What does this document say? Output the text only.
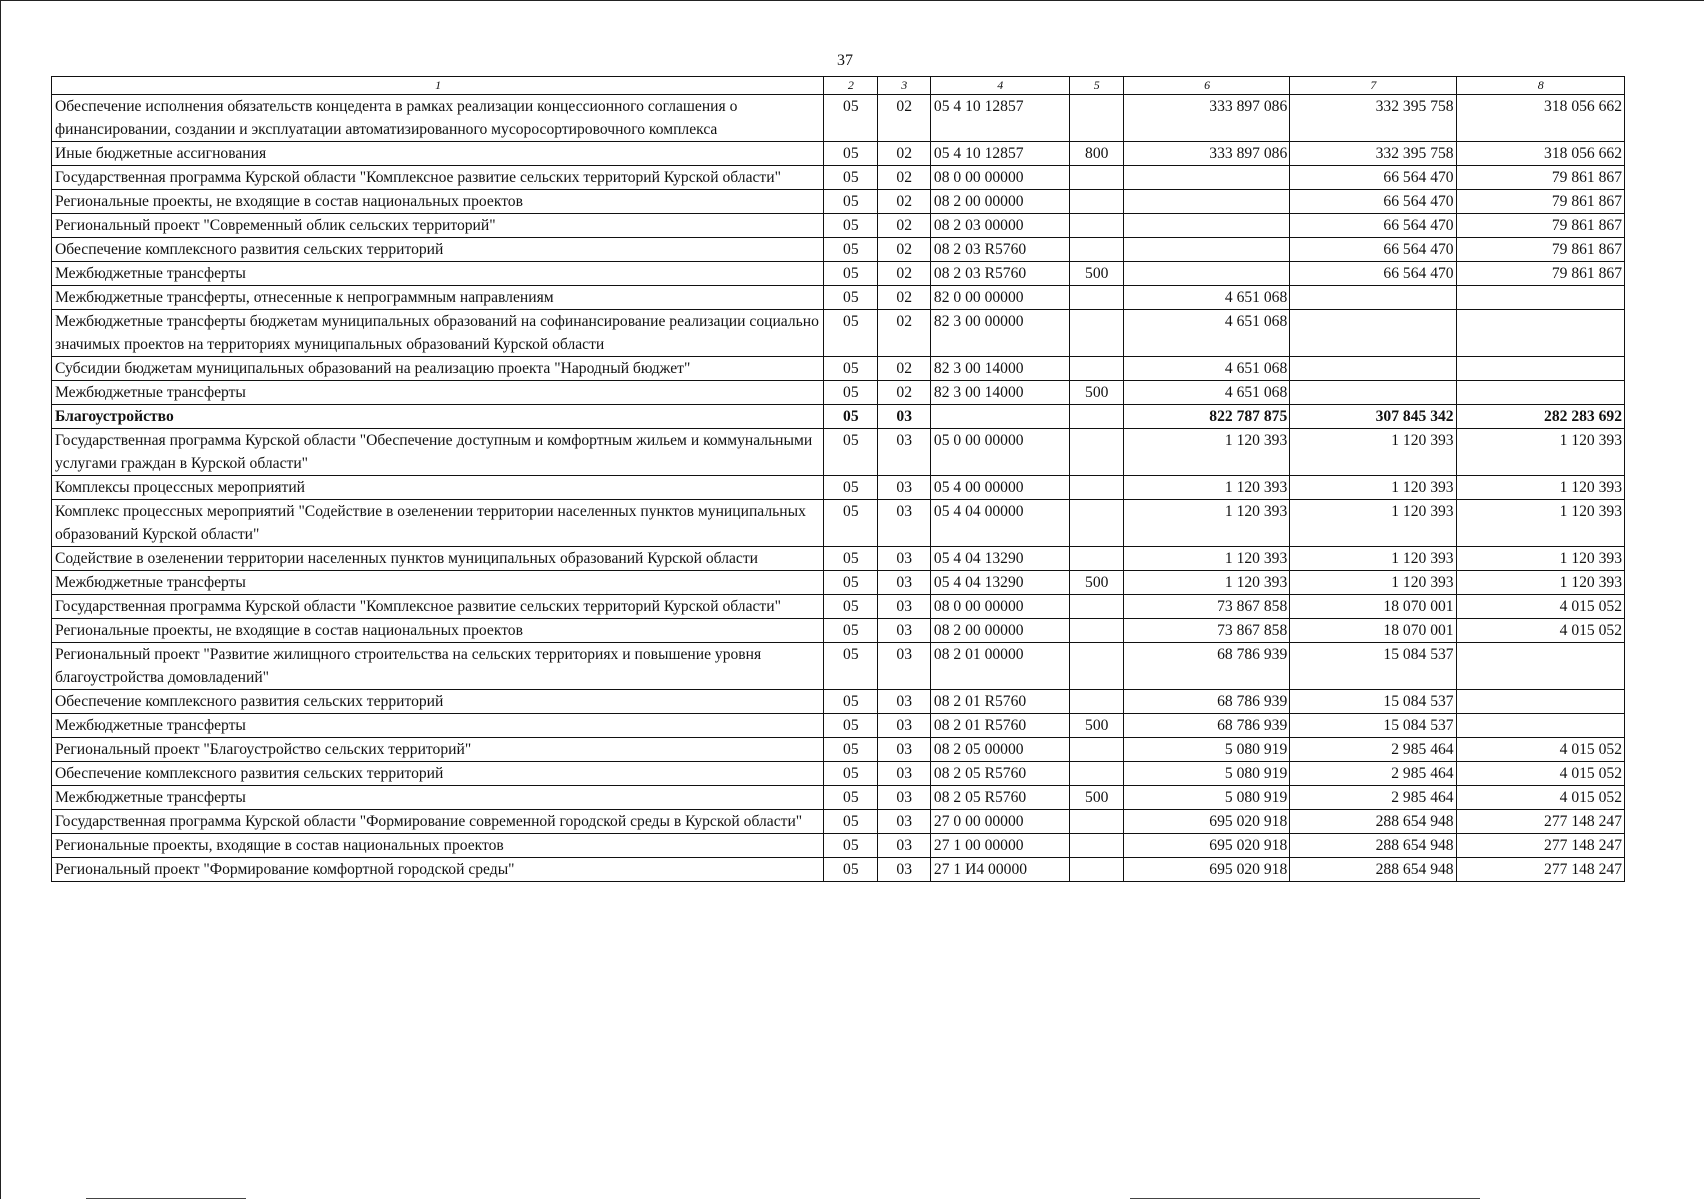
37
1	2	3	4	5	6	7	8
Обеспечение исполнения обязательств концедента в рамках реализации концессионного соглашения о финансировании, создании и эксплуатации автоматизированного мусоросортировочного комплекса	05	02	05 4 10 12857		333 897 086	332 395 758	318 056 662
Иные бюджетные ассигнования	05	02	05 4 10 12857	800	333 897 086	332 395 758	318 056 662
Государственная программа Курской области "Комплексное развитие сельских территорий Курской области"	05	02	08 0 00 00000			66 564 470	79 861 867
Региональные проекты, не входящие в состав национальных проектов	05	02	08 2 00 00000			66 564 470	79 861 867
Региональный проект "Современный облик сельских территорий"	05	02	08 2 03 00000			66 564 470	79 861 867
Обеспечение комплексного развития сельских территорий	05	02	08 2 03 R5760			66 564 470	79 861 867
Межбюджетные трансферты	05	02	08 2 03 R5760	500		66 564 470	79 861 867
Межбюджетные трансферты, отнесенные к непрограммным направлениям	05	02	82 0 00 00000		4 651 068		
Межбюджетные трансферты бюджетам муниципальных образований на софинансирование реализации социально значимых проектов на территориях муниципальных образований Курской области	05	02	82 3 00 00000		4 651 068		
Субсидии бюджетам муниципальных образований на реализацию проекта "Народный бюджет"	05	02	82 3 00 14000		4 651 068		
Межбюджетные трансферты	05	02	82 3 00 14000	500	4 651 068		
Благоустройство	05	03			822 787 875	307 845 342	282 283 692
Государственная программа Курской области "Обеспечение доступным и комфортным жильем и коммунальными услугами граждан в Курской области"	05	03	05 0 00 00000		1 120 393	1 120 393	1 120 393
Комплексы процессных мероприятий	05	03	05 4 00 00000		1 120 393	1 120 393	1 120 393
Комплекс процессных мероприятий "Содействие в озеленении территории населенных пунктов муниципальных образований Курской области"	05	03	05 4 04 00000		1 120 393	1 120 393	1 120 393
Содействие в озеленении территории населенных пунктов муниципальных образований Курской области	05	03	05 4 04 13290		1 120 393	1 120 393	1 120 393
Межбюджетные трансферты	05	03	05 4 04 13290	500	1 120 393	1 120 393	1 120 393
Государственная программа Курской области "Комплексное развитие сельских территорий Курской области"	05	03	08 0 00 00000		73 867 858	18 070 001	4 015 052
Региональные проекты, не входящие в состав национальных проектов	05	03	08 2 00 00000		73 867 858	18 070 001	4 015 052
Региональный проект "Развитие жилищного строительства на сельских территориях и повышение уровня благоустройства домовладений"	05	03	08 2 01 00000		68 786 939	15 084 537	
Обеспечение комплексного развития сельских территорий	05	03	08 2 01 R5760		68 786 939	15 084 537	
Межбюджетные трансферты	05	03	08 2 01 R5760	500	68 786 939	15 084 537	
Региональный проект "Благоустройство сельских территорий"	05	03	08 2 05 00000		5 080 919	2 985 464	4 015 052
Обеспечение комплексного развития сельских территорий	05	03	08 2 05 R5760		5 080 919	2 985 464	4 015 052
Межбюджетные трансферты	05	03	08 2 05 R5760	500	5 080 919	2 985 464	4 015 052
Государственная программа Курской области "Формирование современной городской среды в Курской области"	05	03	27 0 00 00000		695 020 918	288 654 948	277 148 247
Региональные проекты, входящие в состав национальных проектов	05	03	27 1 00 00000		695 020 918	288 654 948	277 148 247
Региональный проект "Формирование комфортной городской среды"	05	03	27 1 И4 00000		695 020 918	288 654 948	277 148 247
